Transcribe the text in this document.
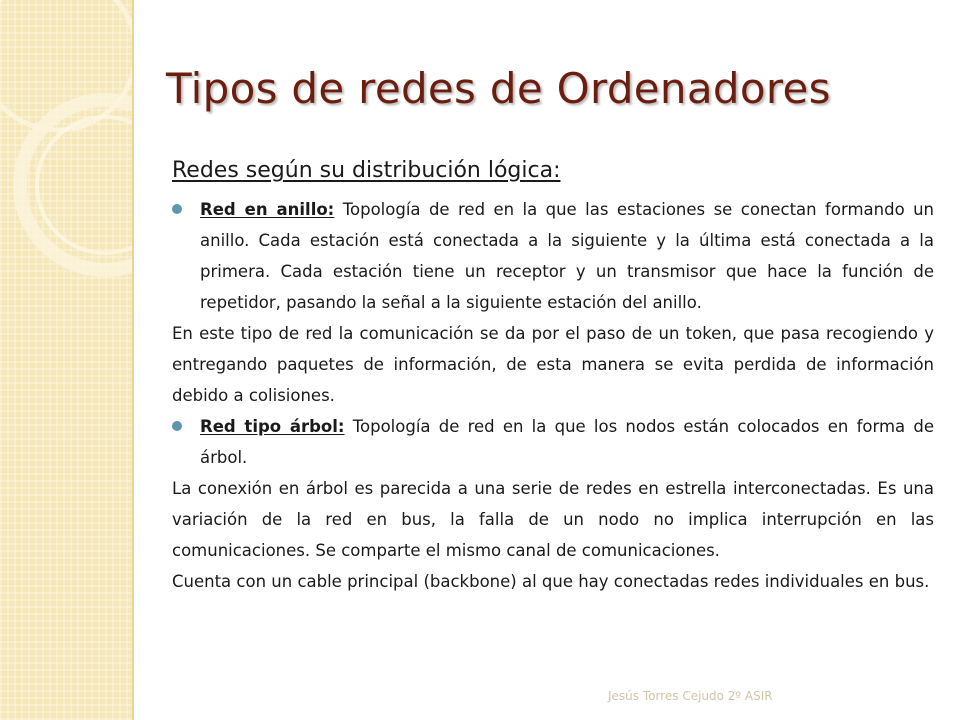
Tipos de redes de Ordenadores
Redes según su distribución lógica:

Red en anillo: Topología de red en la que las estaciones se conectan formando un anillo. Cada estación está conectada a la siguiente y la última está conectada a la primera. Cada estación tiene un receptor y un transmisor que hace la función de repetidor, pasando la señal a la siguiente estación del anillo.

En este tipo de red la comunicación se da por el paso de un token, que pasa recogiendo y entregando paquetes de información, de esta manera se evita perdida de información debido a colisiones.

Red tipo árbol: Topología de red en la que los nodos están colocados en forma de árbol.

La conexión en árbol es parecida a una serie de redes en estrella interconectadas. Es una variación de la red en bus, la falla de un nodo no implica interrupción en las comunicaciones. Se comparte el mismo canal de comunicaciones.

Cuenta con un cable principal (backbone) al que hay conectadas redes individuales en bus.

Jesús Torres Cejudo 2º ASIR
